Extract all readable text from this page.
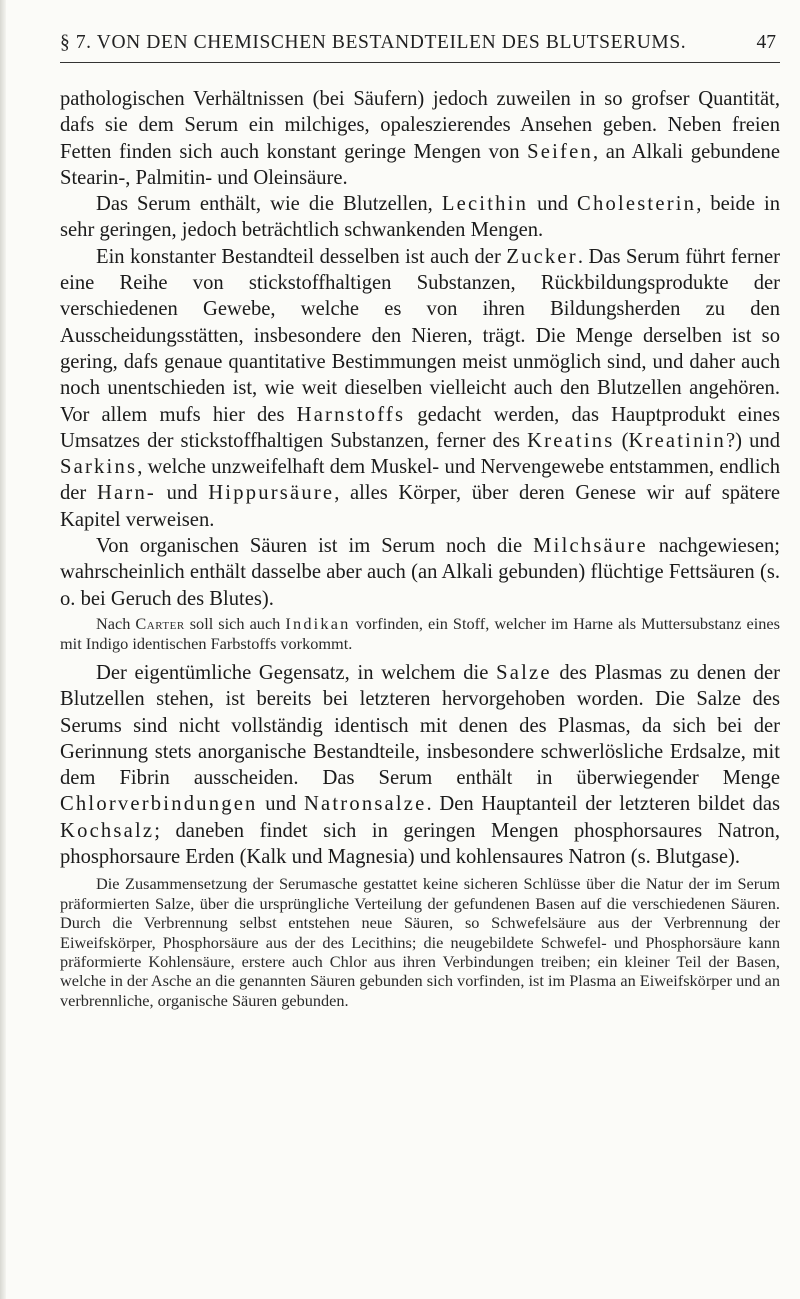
§ 7. VON DEN CHEMISCHEN BESTANDTEILEN DES BLUTSERUMS.	47

pathologischen Verhältnissen (bei Säufern) jedoch zuweilen in so grofser Quantität, dafs sie dem Serum ein milchiges, opaleszierendes Ansehen geben. Neben freien Fetten finden sich auch konstant geringe Mengen von Seifen, an Alkali gebundene Stearin-, Palmitin- und Oleinsäure.

Das Serum enthält, wie die Blutzellen, Lecithin und Cholesterin, beide in sehr geringen, jedoch beträchtlich schwankenden Mengen.

Ein konstanter Bestandteil desselben ist auch der Zucker. Das Serum führt ferner eine Reihe von stickstoffhaltigen Substanzen, Rückbildungsprodukte der verschiedenen Gewebe, welche es von ihren Bildungsherden zu den Ausscheidungsstätten, insbesondere den Nieren, trägt. Die Menge derselben ist so gering, dafs genaue quantitative Bestimmungen meist unmöglich sind, und daher auch noch unentschieden ist, wie weit dieselben vielleicht auch den Blutzellen angehören. Vor allem mufs hier des Harnstoffs gedacht werden, das Hauptprodukt eines Umsatzes der stickstoffhaltigen Substanzen, ferner des Kreatins (Kreatinin?) und Sarkins, welche unzweifelhaft dem Muskel- und Nervengewebe entstammen, endlich der Harn- und Hippursäure, alles Körper, über deren Genese wir auf spätere Kapitel verweisen.

Von organischen Säuren ist im Serum noch die Milchsäure nachgewiesen; wahrscheinlich enthält dasselbe aber auch (an Alkali gebunden) flüchtige Fettsäuren (s. o. bei Geruch des Blutes).

Nach Carter soll sich auch Indikan vorfinden, ein Stoff, welcher im Harne als Muttersubstanz eines mit Indigo identischen Farbstoffs vorkommt.

Der eigentümliche Gegensatz, in welchem die Salze des Plasmas zu denen der Blutzellen stehen, ist bereits bei letzteren hervorgehoben worden. Die Salze des Serums sind nicht vollständig identisch mit denen des Plasmas, da sich bei der Gerinnung stets anorganische Bestandteile, insbesondere schwerlösliche Erdsalze, mit dem Fibrin ausscheiden. Das Serum enthält in überwiegender Menge Chlorverbindungen und Natronsalze. Den Hauptanteil der letzteren bildet das Kochsalz; daneben findet sich in geringen Mengen phosphorsaures Natron, phosphorsaure Erden (Kalk und Magnesia) und kohlensaures Natron (s. Blutgase).

Die Zusammensetzung der Serumasche gestattet keine sicheren Schlüsse über die Natur der im Serum präformierten Salze, über die ursprüngliche Verteilung der gefundenen Basen auf die verschiedenen Säuren. Durch die Verbrennung selbst entstehen neue Säuren, so Schwefelsäure aus der Verbrennung der Eiweifskörper, Phosphorsäure aus der des Lecithins; die neugebildete Schwefel- und Phosphorsäure kann präformierte Kohlensäure, erstere auch Chlor aus ihren Verbindungen treiben; ein kleiner Teil der Basen, welche in der Asche an die genannten Säuren gebunden sich vorfinden, ist im Plasma an Eiweifskörper und an verbrennliche, organische Säuren gebunden.
